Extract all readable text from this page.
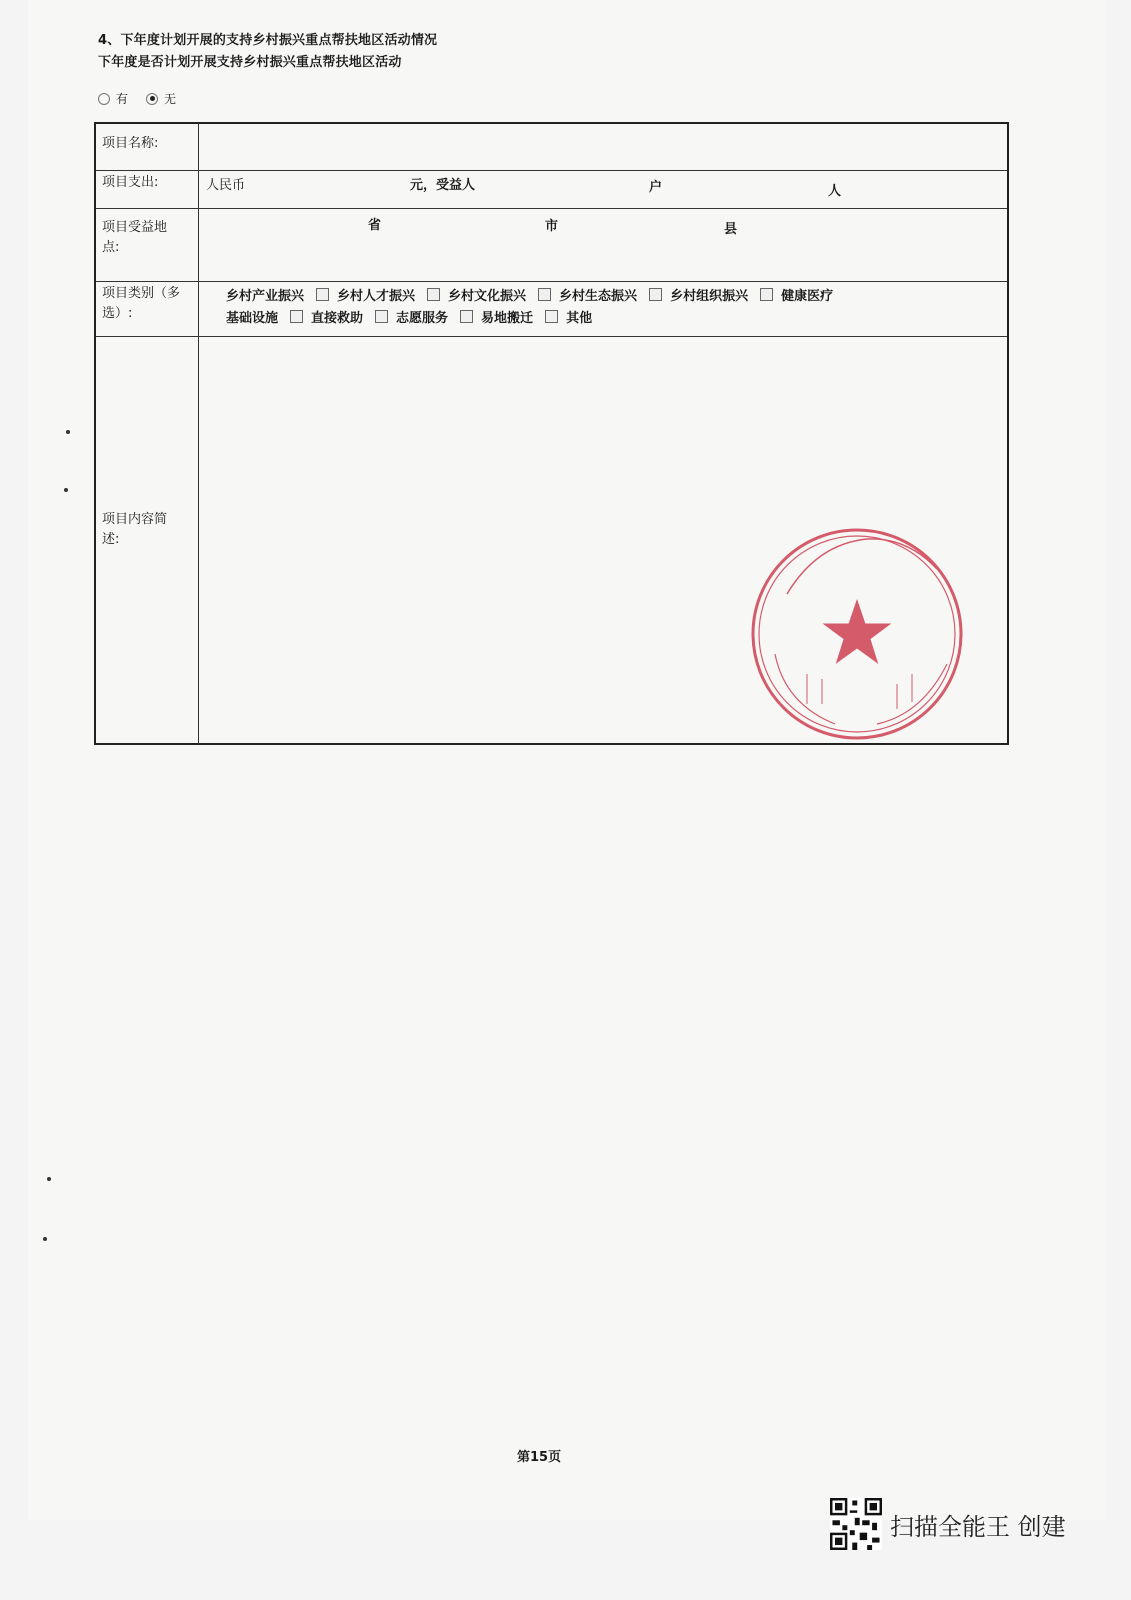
4、下年度计划开展的支持乡村振兴重点帮扶地区活动情况
下年度是否计划开展支持乡村振兴重点帮扶地区活动
有	无
项目名称:
项目支出:	人民币	元，受益人	户	人
项目受益地
点:
省	市	县
项目类别（多
选）:
乡村产业振兴	乡村人才振兴	乡村文化振兴	乡村生态振兴	乡村组织振兴	健康医疗
基础设施	直接救助	志愿服务	易地搬迁	其他
项目内容简
述:
第15页
扫描全能王 创建
